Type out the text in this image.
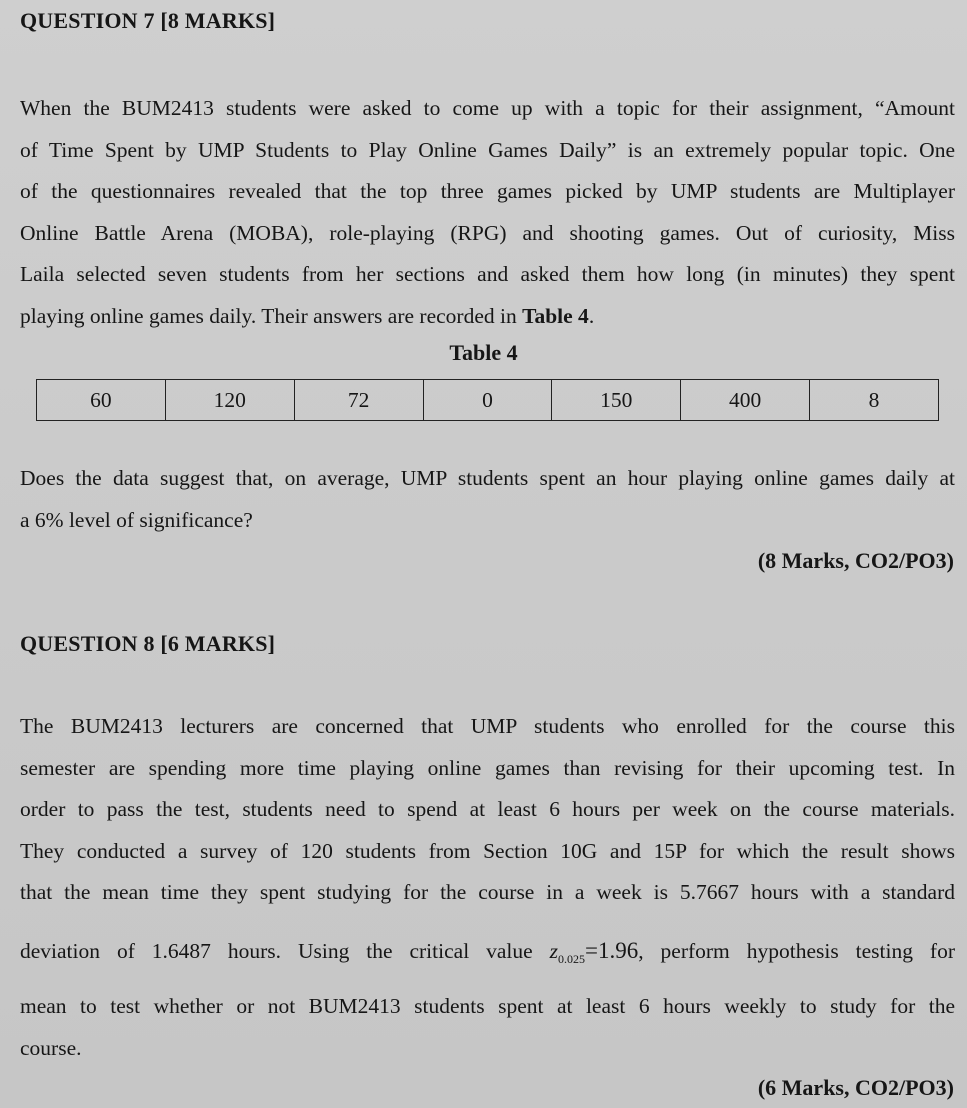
QUESTION 7 [8 MARKS]
When the BUM2413 students were asked to come up with a topic for their assignment, “Amount
of Time Spent by UMP Students to Play Online Games Daily” is an extremely popular topic. One
of the questionnaires revealed that the top three games picked by UMP students are Multiplayer
Online Battle Arena (MOBA), role-playing (RPG) and shooting games. Out of curiosity, Miss
Laila selected seven students from her sections and asked them how long (in minutes) they spent
playing online games daily. Their answers are recorded in Table 4.
Table 4
60	120	72	0	150	400	8
Does the data suggest that, on average, UMP students spent an hour playing online games daily at
a 6% level of significance?
(8 Marks, CO2/PO3)
QUESTION 8 [6 MARKS]
The BUM2413 lecturers are concerned that UMP students who enrolled for the course this
semester are spending more time playing online games than revising for their upcoming test. In
order to pass the test, students need to spend at least 6 hours per week on the course materials.
They conducted a survey of 120 students from Section 10G and 15P for which the result shows
that the mean time they spent studying for the course in a week is 5.7667 hours with a standard
deviation of 1.6487 hours. Using the critical value $z_{0.025}=1.96$, perform hypothesis testing for
mean to test whether or not BUM2413 students spent at least 6 hours weekly to study for the
course.
(6 Marks, CO2/PO3)
